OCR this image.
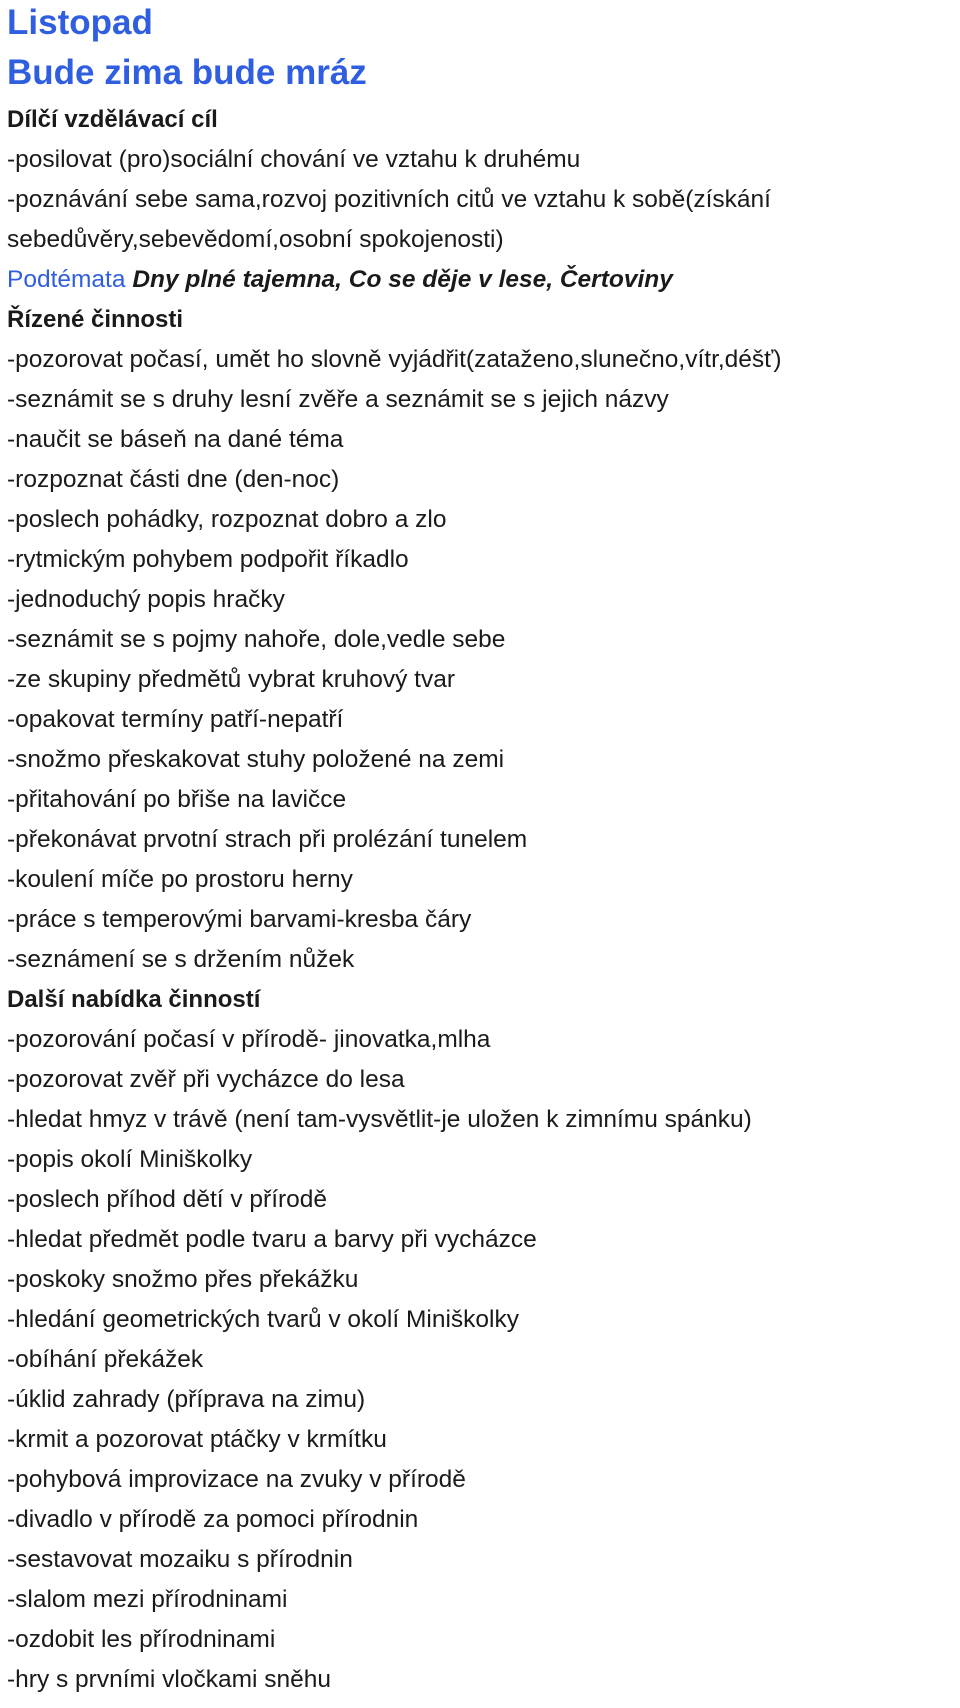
Listopad
Bude zima bude mráz
Dílčí vzdělávací cíl
-posilovat (pro)sociální chování ve vztahu k druhému
-poznávání sebe sama,rozvoj pozitivních citů ve vztahu k sobě(získání
sebedůvěry,sebevědomí,osobní spokojenosti)

Podtémata Dny plné tajemna, Co se děje v lese, Čertoviny

Řízené činnosti
-pozorovat počasí, umět ho slovně vyjádřit(zataženo,slunečno,vítr,déšť)
-seznámit se s druhy lesní zvěře a seznámit se s jejich názvy
-naučit se báseň na dané téma
-rozpoznat části dne (den-noc)
-poslech pohádky, rozpoznat dobro a zlo
-rytmickým pohybem podpořit říkadlo
-jednoduchý popis hračky
-seznámit se s pojmy nahoře, dole,vedle sebe
-ze skupiny předmětů vybrat kruhový tvar
-opakovat termíny patří-nepatří
-snožmo přeskakovat stuhy položené na zemi
-přitahování po břiše na lavičce
-překonávat prvotní strach při prolézání tunelem
-koulení míče po prostoru herny
-práce s temperovými barvami-kresba čáry
-seznámení se s držením nůžek
Další nabídka činností
-pozorování počasí v přírodě- jinovatka,mlha
-pozorovat zvěř při vycházce do lesa
-hledat hmyz v trávě (není tam-vysvětlit-je uložen k zimnímu spánku)
-popis okolí Miniškolky
-poslech příhod dětí v přírodě
-hledat předmět podle tvaru a barvy při vycházce
-poskoky snožmo přes překážku
-hledání geometrických tvarů v okolí Miniškolky
-obíhání překážek
-úklid zahrady (příprava na zimu)
-krmit a pozorovat ptáčky v krmítku
-pohybová improvizace na zvuky v přírodě
-divadlo v přírodě za pomoci přírodnin
-sestavovat mozaiku s přírodnin
-slalom mezi přírodninami
-ozdobit les přírodninami
-hry s prvními vločkami sněhu
